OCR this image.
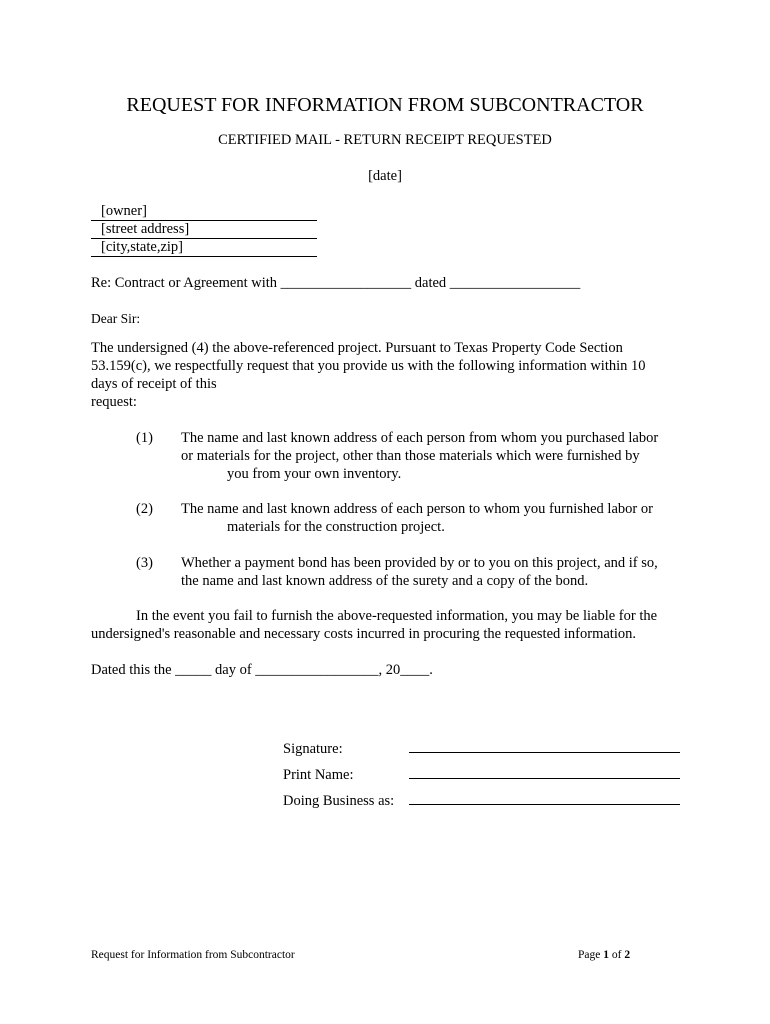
REQUEST FOR INFORMATION FROM SUBCONTRACTOR
CERTIFIED MAIL - RETURN RECEIPT REQUESTED
[date]
[owner]
[street address]
[city,state,zip]
Re: Contract or Agreement with __________________ dated __________________
Dear Sir:
The undersigned (4) the above-referenced project. Pursuant to Texas Property Code Section
53.159(c), we respectfully request that you provide us with the following information within 10
days of receipt of this
request:
(1) The name and last known address of each person from whom you purchased labor
or materials for the project, other than those materials which were furnished by
you from your own inventory.
(2) The name and last known address of each person to whom you furnished labor or
materials for the construction project.
(3) Whether a payment bond has been provided by or to you on this project, and if so,
the name and last known address of the surety and a copy of the bond.
In the event you fail to furnish the above-requested information, you may be liable for the
undersigned's reasonable and necessary costs incurred in procuring the requested information.
Dated this the _____ day of _________________, 20____.
Signature:
Print Name:
Doing Business as:
Request for Information from Subcontractor	Page 1 of 2
